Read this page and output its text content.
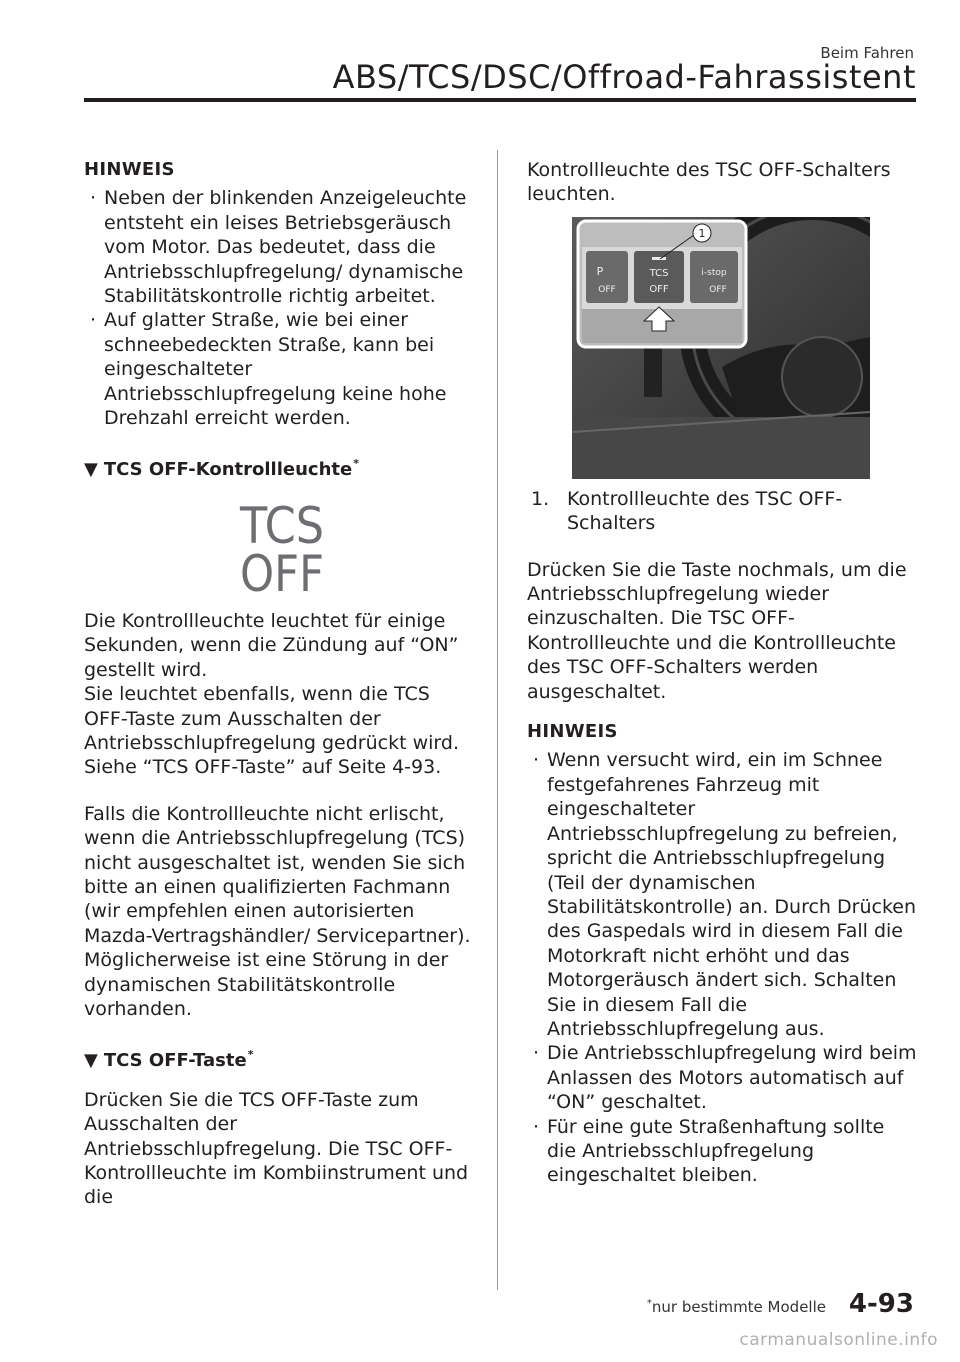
Beim Fahren
ABS/TCS/DSC/Offroad-Fahrassistent
HINWEIS
· Neben der blinkenden Anzeigeleuchte entsteht ein leises Betriebsgeräusch vom Motor. Das bedeutet, dass die Antriebsschlupfregelung/ dynamische Stabilitätskontrolle richtig arbeitet.
· Auf glatter Straße, wie bei einer schneebedeckten Straße, kann bei eingeschalteter Antriebsschlupfregelung keine hohe Drehzahl erreicht werden.
▼ TCS OFF-Kontrollleuchte*
TCS
OFF

Die Kontrollleuchte leuchtet für einige Sekunden, wenn die Zündung auf “ON” gestellt wird.

Sie leuchtet ebenfalls, wenn die TCS OFF-Taste zum Ausschalten der Antriebsschlupfregelung gedrückt wird.

Siehe “TCS OFF-Taste” auf Seite 4-93.

Falls die Kontrollleuchte nicht erlischt, wenn die Antriebsschlupfregelung (TCS) nicht ausgeschaltet ist, wenden Sie sich bitte an einen qualifizierten Fachmann (wir empfehlen einen autorisierten Mazda-Vertragshändler/ Servicepartner). Möglicherweise ist eine Störung in der dynamischen Stabilitätskontrolle vorhanden.

▼ TCS OFF-Taste*

Drücken Sie die TCS OFF-Taste zum Ausschalten der Antriebsschlupfregelung. Die TSC OFF-Kontrollleuchte im Kombiinstrument und die

Kontrollleuchte des TSC OFF-Schalters leuchten.

P
OFF
TCS
OFF
i-stop
OFF
1
1. Kontrollleuchte des TSC OFF-Schalters

Drücken Sie die Taste nochmals, um die Antriebsschlupfregelung wieder einzuschalten. Die TSC OFF-Kontrollleuchte und die Kontrollleuchte des TSC OFF-Schalters werden ausgeschaltet.

HINWEIS
· Wenn versucht wird, ein im Schnee festgefahrenes Fahrzeug mit eingeschalteter Antriebsschlupfregelung zu befreien, spricht die Antriebsschlupfregelung (Teil der dynamischen Stabilitätskontrolle) an. Durch Drücken des Gaspedals wird in diesem Fall die Motorkraft nicht erhöht und das Motorgeräusch ändert sich. Schalten Sie in diesem Fall die Antriebsschlupfregelung aus.
· Die Antriebsschlupfregelung wird beim Anlassen des Motors automatisch auf “ON” geschaltet.
· Für eine gute Straßenhaftung sollte die Antriebsschlupfregelung eingeschaltet bleiben.
*nur bestimmte Modelle 4-93
carmanualsonline.info
